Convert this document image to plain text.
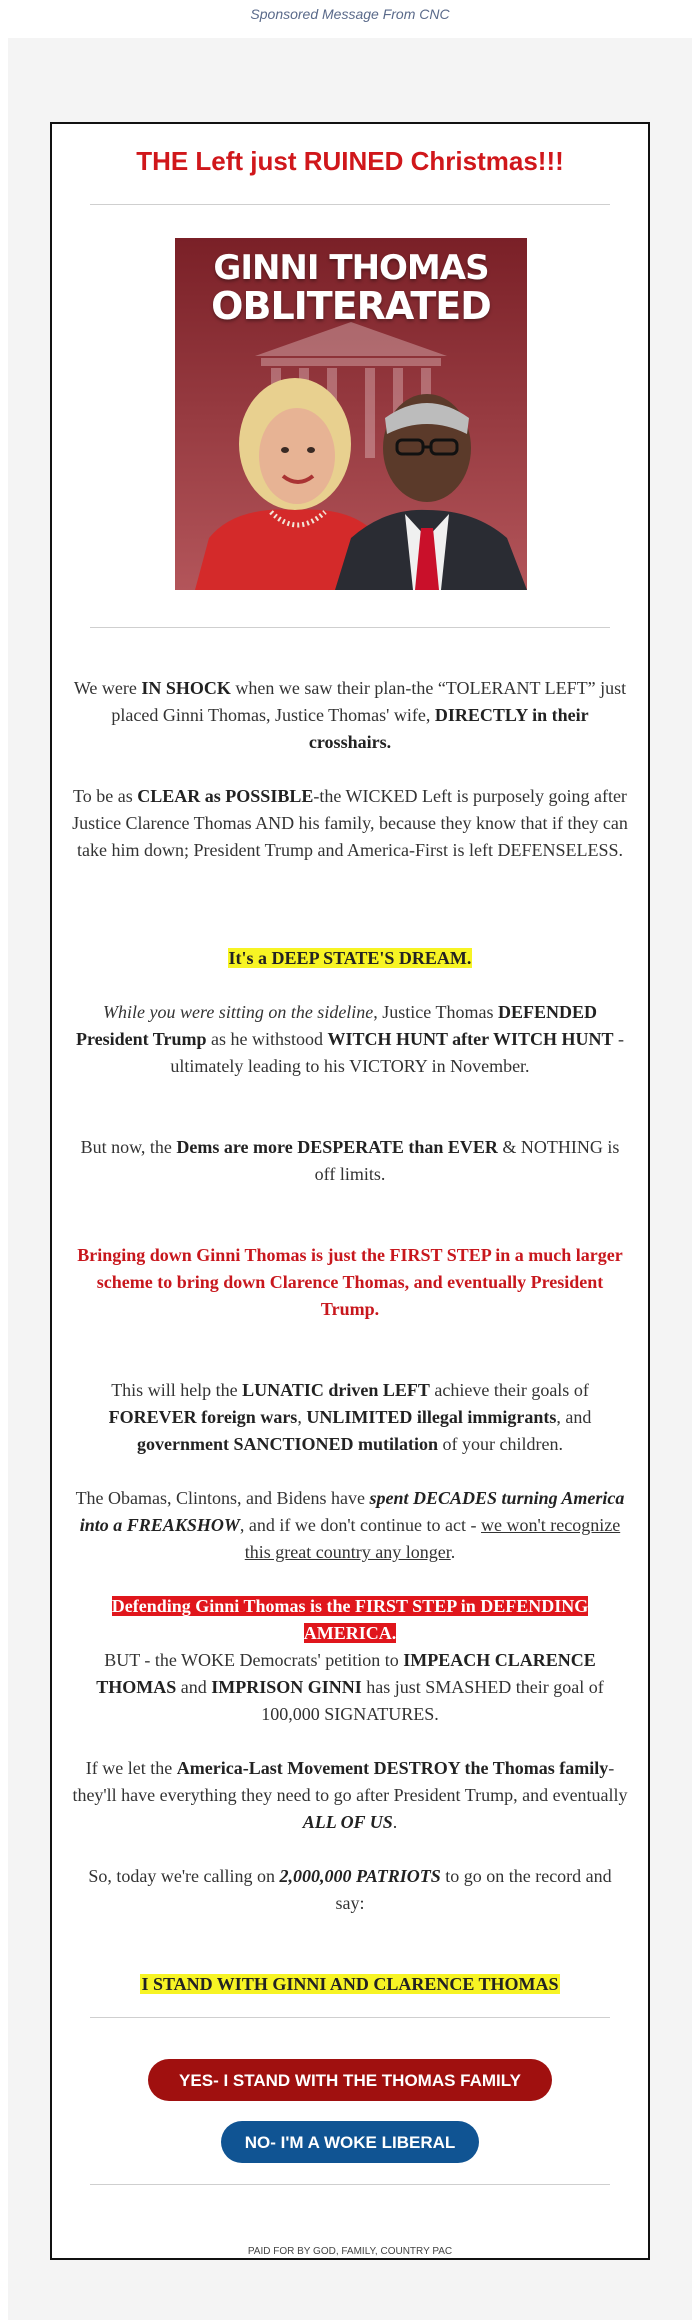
Sponsored Message From CNC
THE Left just RUINED Christmas!!!
GINNI THOMAS
OBLITERATED
We were IN SHOCK when we saw their plan-the “TOLERANT LEFT” just placed Ginni Thomas, Justice Thomas' wife, DIRECTLY in their crosshairs.
To be as CLEAR as POSSIBLE-the WICKED Left is purposely going after Justice Clarence Thomas AND his family, because they know that if they can take him down; President Trump and America-First is left DEFENSELESS.
It's a DEEP STATE'S DREAM.
While you were sitting on the sideline, Justice Thomas DEFENDED President Trump as he withstood WITCH HUNT after WITCH HUNT - ultimately leading to his VICTORY in November.
But now, the Dems are more DESPERATE than EVER & NOTHING is off limits.
Bringing down Ginni Thomas is just the FIRST STEP in a much larger scheme to bring down Clarence Thomas, and eventually President Trump.
This will help the LUNATIC driven LEFT achieve their goals of FOREVER foreign wars, UNLIMITED illegal immigrants, and government SANCTIONED mutilation of your children.
The Obamas, Clintons, and Bidens have spent DECADES turning America into a FREAKSHOW, and if we don't continue to act - we won't recognize this great country any longer.
Defending Ginni Thomas is the FIRST STEP in DEFENDING AMERICA.
BUT - the WOKE Democrats' petition to IMPEACH CLARENCE THOMAS and IMPRISON GINNI has just SMASHED their goal of 100,000 SIGNATURES.
If we let the America-Last Movement DESTROY the Thomas family-they'll have everything they need to go after President Trump, and eventually ALL OF US.
So, today we're calling on 2,000,000 PATRIOTS to go on the record and say:
I STAND WITH GINNI AND CLARENCE THOMAS
YES- I STAND WITH THE THOMAS FAMILY
NO- I'M A WOKE LIBERAL
PAID FOR BY GOD, FAMILY, COUNTRY PAC
